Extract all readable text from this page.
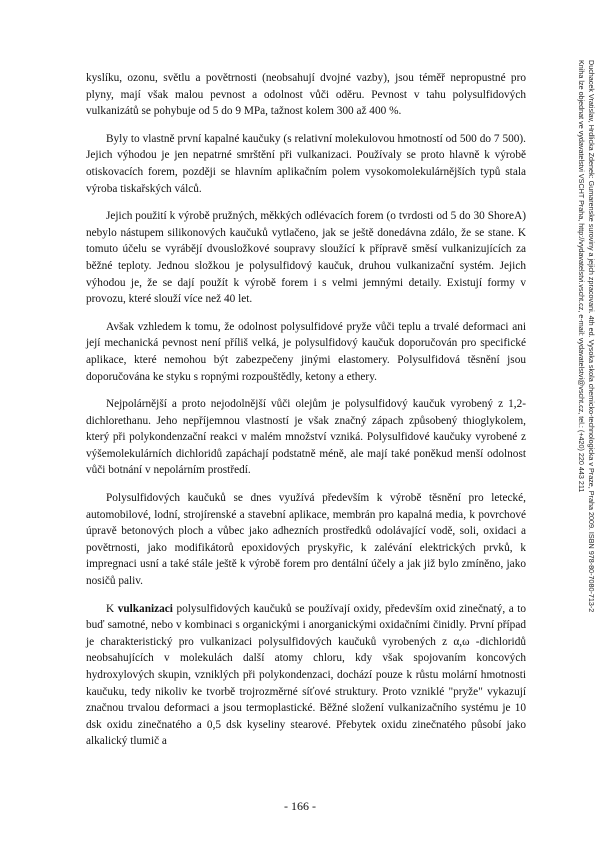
kyslíku, ozonu, světlu a povětrnosti (neobsahují dvojné vazby), jsou téměř nepropustné pro plyny, mají však malou pevnost a odolnost vůči oděru. Pevnost v tahu polysulfidových vulkanizátů se pohybuje od 5 do 9 MPa, tažnost kolem 300 až 400 %.

Byly to vlastně první kapalné kaučuky (s relativní molekulovou hmotností od 500 do 7 500). Jejich výhodou je jen nepatrné smrštění při vulkanizaci. Používaly se proto hlavně k výrobě otiskovacích forem, později se hlavním aplikačním polem vysokomolekulárnějších typů stala výroba tiskařských válců.

Jejich použití k výrobě pružných, měkkých odlévacích forem (o tvrdosti od 5 do 30 ShoreA) nebylo nástupem silikonových kaučuků vytlačeno, jak se ještě donedávna zdálo, že se stane. K tomuto účelu se vyrábějí dvousložkové soupravy sloužící k přípravě směsí vulkanizujících za běžné teploty. Jednou složkou je polysulfidový kaučuk, druhou vulkanizační systém. Jejich výhodou je, že se dají použít k výrobě forem i s velmi jemnými detaily. Existují formy v provozu, které slouží více než 40 let.

Avšak vzhledem k tomu, že odolnost polysulfidové pryže vůči teplu a trvalé deformaci ani její mechanická pevnost není příliš velká, je polysulfidový kaučuk doporučován pro specifické aplikace, které nemohou být zabezpečeny jinými elastomery. Polysulfidová těsnění jsou doporučována ke styku s ropnými rozpouštědly, ketony a ethery.

Nejpolárnější a proto nejodolnější vůči olejům je polysulfidový kaučuk vyrobený z 1,2-dichlorethanu. Jeho nepříjemnou vlastností je však značný zápach způsobený thioglykolem, který při polykondenzační reakci v malém množství vzniká. Polysulfidové kaučuky vyrobené z výšemolekulárních dichloridů zapáchají podstatně méně, ale mají také poněkud menší odolnost vůči botnání v nepolárním prostředí.

Polysulfidových kaučuků se dnes využívá především k výrobě těsnění pro letecké, automobilové, lodní, strojírenské a stavební aplikace, membrán pro kapalná media, k povrchové úpravě betonových ploch a vůbec jako adhezních prostředků odolávající vodě, soli, oxidaci a povětrnosti, jako modifikátorů epoxidových pryskyřic, k zalévání elektrických prvků, k impregnaci usní a také stále ještě k výrobě forem pro dentální účely a jak již bylo zmíněno, jako nosičů paliv.

K vulkanizaci polysulfidových kaučuků se používají oxidy, především oxid zinečnatý, a to buď samotné, nebo v kombinaci s organickými i anorganickými oxidačními činidly. První případ je charakteristický pro vulkanizaci polysulfidových kaučuků vyrobených z α,ω -dichloridů neobsahujících v molekulách další atomy chloru, kdy však spojovaním koncových hydroxylových skupin, vzniklých při polykondenzaci, dochází pouze k růstu molární hmotnosti kaučuku, tedy nikoliv ke tvorbě trojrozměrné síťové struktury. Proto vzniklé "pryže" vykazují značnou trvalou deformaci a jsou termoplastické. Běžné složení vulkanizačního systému je 10 dsk oxidu zinečnatého a 0,5 dsk kyseliny stearové. Přebytek oxidu zinečnatého působí jako alkalický tlumič a

Duchacek Vratislav, Hrdlicka Zdenek: Gumarenske suroviny a jejich zpracovani. 4th ed. Vysoka skola chemicko-technologicka v Praze, Praha 2009. ISBN 978-80-7080-713-2
Kniha lze objednat ve vydavatelstvi VSCHT Praha, http://vydavatelstvi.vscht.cz, e-mail: vydavatelstvi@vscht.cz, tel.: (+420) 220 443 211
- 166 -
